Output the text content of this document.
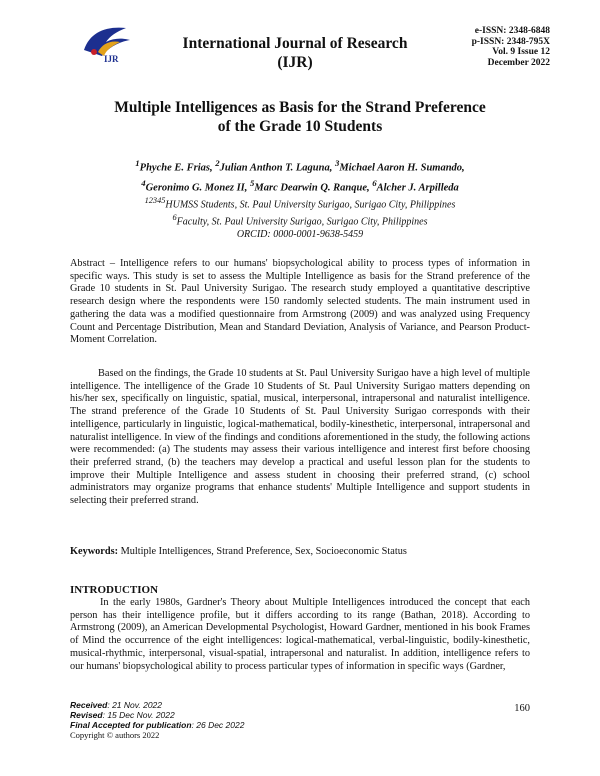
IJR
International Journal of Research
(IJR)
e-ISSN: 2348-6848
p-ISSN: 2348-795X
Vol. 9 Issue 12
December 2022
Multiple Intelligences as Basis for the Strand Preference
of the Grade 10 Students
$^1$Phyche E. Frias, $^2$Julian Anthon T. Laguna, $^3$Michael Aaron H. Sumando,
$^4$Geronimo G. Monez II, $^5$Marc Dearwin Q. Ranque, $^6$Alcher J. Arpilleda
$^{12345}$HUMSS Students, St. Paul University Surigao, Surigao City, Philippines
$^6$Faculty, St. Paul University Surigao, Surigao City, Philippines
ORCID: 0000-0001-9638-5459
Abstract – Intelligence refers to our humans' biopsychological ability to process types of information in specific ways. This study is set to assess the Multiple Intelligence as basis for the Strand preference of the Grade 10 students in St. Paul University Surigao. The research study employed a quantitative descriptive research design where the respondents were 150 randomly selected students. The main instrument used in gathering the data was a modified questionnaire from Armstrong (2009) and was analyzed using Frequency Count and Percentage Distribution, Mean and Standard Deviation, Analysis of Variance, and Pearson Product-Moment Correlation.
Based on the findings, the Grade 10 students at St. Paul University Surigao have a high level of multiple intelligence. The intelligence of the Grade 10 Students of St. Paul University Surigao matters depending on his/her sex, specifically on linguistic, spatial, musical, interpersonal, intrapersonal and naturalist intelligence. The strand preference of the Grade 10 Students of St. Paul University Surigao corresponds with their intelligence, particularly in linguistic, logical-mathematical, bodily-kinesthetic, interpersonal, intrapersonal and naturalist intelligence. In view of the findings and conditions aforementioned in the study, the following actions were recommended: (a) The students may assess their various intelligence and interest first before choosing their preferred strand, (b) the teachers may develop a practical and useful lesson plan for the students to improve their Multiple Intelligence and assess student in choosing their preferred strand, (c) school administrators may organize programs that enhance students' Multiple Intelligence and support students in selecting their preferred strand.
Keywords: Multiple Intelligences, Strand Preference, Sex, Socioeconomic Status
INTRODUCTION
In the early 1980s, Gardner's Theory about Multiple Intelligences introduced the concept that each person has their intelligence profile, but it differs according to its range (Bathan, 2018). According to Armstrong (2009), an American Developmental Psychologist, Howard Gardner, mentioned in his book Frames of Mind the occurrence of the eight intelligences: logical-mathematical, verbal-linguistic, bodily-kinesthetic, musical-rhythmic, interpersonal, visual-spatial, intrapersonal and naturalist. In addition, intelligence refers to our humans' biopsychological ability to process particular types of information in specific ways (Gardner,
Received: 21 Nov. 2022
Revised: 15 Dec Nov. 2022
Final Accepted for publication: 26 Dec 2022
Copyright © authors 2022
160
